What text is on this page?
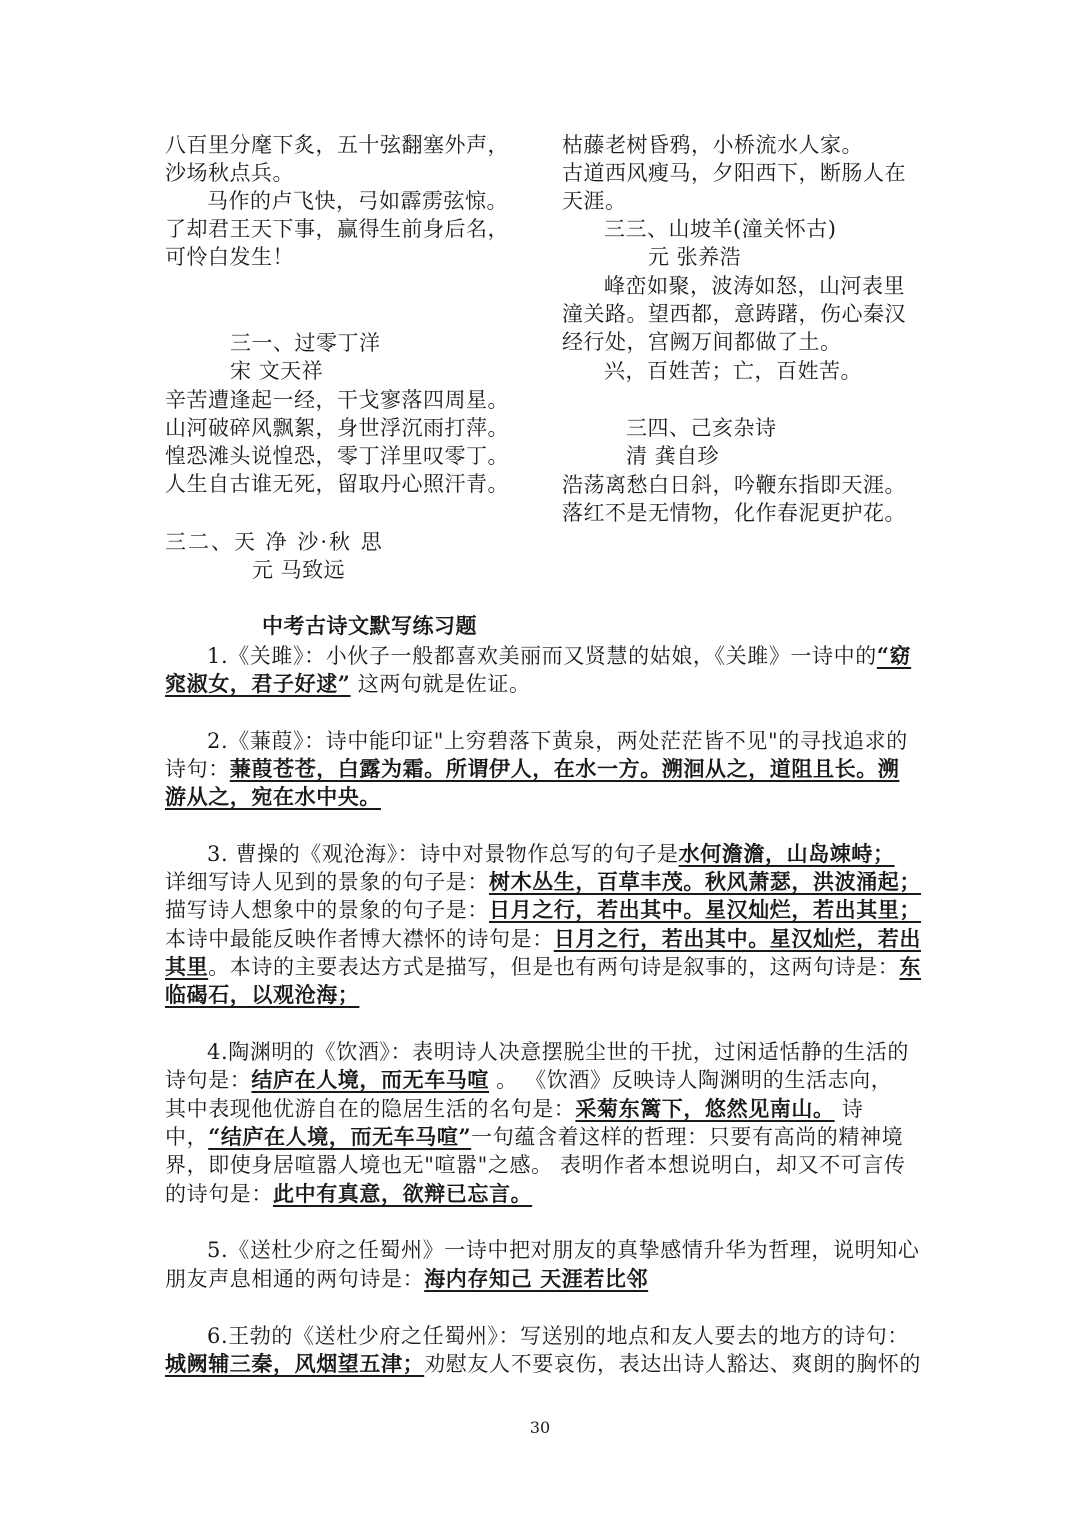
八百里分麾下炙，五十弦翻塞外声，
沙场秋点兵。
马作的卢飞快，弓如霹雳弦惊。
了却君王天下事，赢得生前身后名，
可怜白发生！
三一、过零丁洋
宋 文天祥
辛苦遭逢起一经，干戈寥落四周星。
山河破碎风飘絮，身世浮沉雨打萍。
惶恐滩头说惶恐，零丁洋里叹零丁。
人生自古谁无死，留取丹心照汗青。
三二、天 净 沙·秋 思
元 马致远
枯藤老树昏鸦，小桥流水人家。
古道西风瘦马，夕阳西下，断肠人在
天涯。
三三、山坡羊(潼关怀古)
元 张养浩
峰峦如聚，波涛如怒，山河表里
潼关路。望西都，意踌躇，伤心秦汉
经行处，宫阙万间都做了土。
兴，百姓苦；亡，百姓苦。
三四、己亥杂诗
清 龚自珍
浩荡离愁白日斜，吟鞭东指即天涯。
落红不是无情物，化作春泥更护花。
中考古诗文默写练习题
1.《关雎》：小伙子一般都喜欢美丽而又贤慧的姑娘，《关雎》一诗中的“窈
窕淑女，君子好逑” 这两句就是佐证。
2.《蒹葭》：诗中能印证"上穷碧落下黄泉，两处茫茫皆不见"的寻找追求的
诗句：蒹葭苍苍，白露为霜。所谓伊人，在水一方。溯洄从之，道阻且长。溯
游从之，宛在水中央。
3. 曹操的《观沧海》：诗中对景物作总写的句子是水何澹澹，山岛竦峙；
详细写诗人见到的景象的句子是：树木丛生，百草丰茂。秋风萧瑟，洪波涌起；
描写诗人想象中的景象的句子是：日月之行，若出其中。星汉灿烂，若出其里；
本诗中最能反映作者博大襟怀的诗句是：日月之行，若出其中。星汉灿烂，若出
其里。本诗的主要表达方式是描写，但是也有两句诗是叙事的，这两句诗是：东
临碣石，以观沧海；
4.陶渊明的《饮酒》：表明诗人决意摆脱尘世的干扰，过闲适恬静的生活的
诗句是：结庐在人境，而无车马喧 。 《饮酒》反映诗人陶渊明的生活志向，
其中表现他优游自在的隐居生活的名句是：采菊东篱下，悠然见南山。 诗
中，“结庐在人境，而无车马喧”一句蕴含着这样的哲理：只要有高尚的精神境
界，即使身居喧嚣人境也无"喧嚣"之感。 表明作者本想说明白，却又不可言传
的诗句是：此中有真意，欲辩已忘言。
5.《送杜少府之任蜀州》一诗中把对朋友的真挚感情升华为哲理，说明知心
朋友声息相通的两句诗是：海内存知己 天涯若比邻
6.王勃的《送杜少府之任蜀州》：写送别的地点和友人要去的地方的诗句：
城阙辅三秦，风烟望五津；劝慰友人不要哀伤，表达出诗人豁达、爽朗的胸怀的
30
